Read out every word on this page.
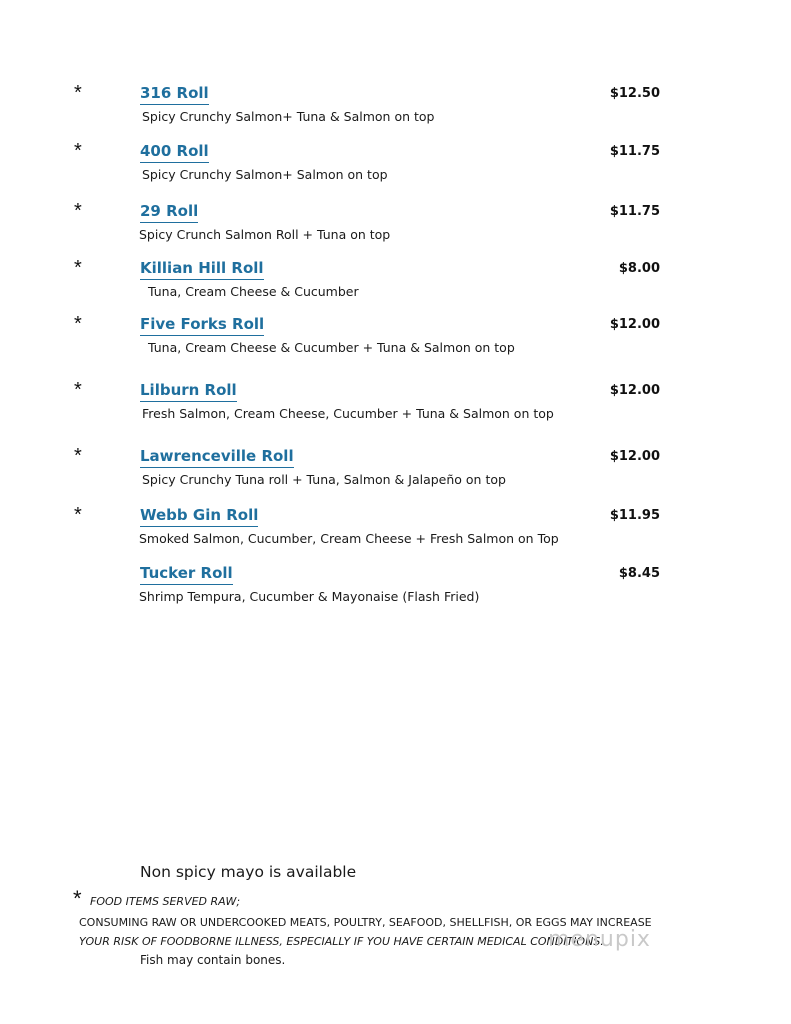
*	316 Roll
Spicy Crunchy Salmon+ Tuna & Salmon on top
$12.50
*	400 Roll
Spicy Crunchy Salmon+ Salmon on top
$11.75
*	29 Roll
Spicy Crunch Salmon Roll + Tuna on top
$11.75
*	Killian Hill Roll
Tuna, Cream Cheese & Cucumber
$8.00
*	Five Forks Roll
Tuna, Cream Cheese & Cucumber + Tuna & Salmon on top
$12.00
*	Lilburn Roll
Fresh Salmon, Cream Cheese, Cucumber + Tuna & Salmon on top
$12.00
*	Lawrenceville Roll
Spicy Crunchy Tuna roll + Tuna, Salmon & Jalapeño on top
$12.00
*	Webb Gin Roll
Smoked Salmon, Cucumber, Cream Cheese + Fresh Salmon on Top
$11.95
Tucker Roll
Shrimp Tempura, Cucumber & Mayonaise (Flash Fried)
$8.45
Non spicy mayo is available
* FOOD ITEMS SERVED RAW;
CONSUMING RAW OR UNDERCOOKED MEATS, POULTRY, SEAFOOD, SHELLFISH, OR EGGS MAY INCREASE
YOUR RISK OF FOODBORNE ILLNESS, ESPECIALLY IF YOU HAVE CERTAIN MEDICAL CONDITIONS.
Fish may contain bones.
menupix
